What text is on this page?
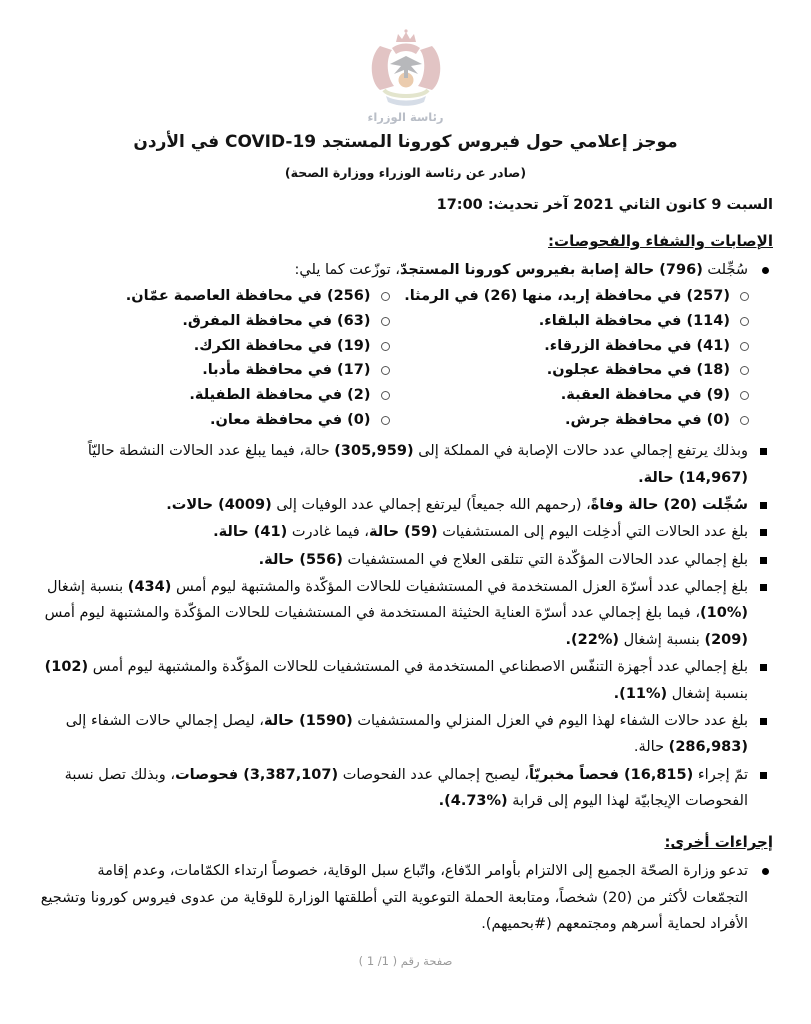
رئاسة الوزراء
موجز إعلامي حول فيروس كورونا المستجد COVID-19 في الأردن
(صادر عن رئاسة الوزراء ووزارة الصحة)
السبت 9 كانون الثاني 2021 آخر تحديث: 17:00
الإصابات والشفاء والفحوصات:
سُجِّلت (796) حالة إصابة بفيروس كورونا المستجدّ، توزّعت كما يلي:
(257) في محافظة إربد، منها (26) في الرمثا.
(256) في محافظة العاصمة عمّان.
(114) في محافظة البلقاء.
(63) في محافظة المفرق.
(41) في محافظة الزرقاء.
(19) في محافظة الكرك.
(18) في محافظة عجلون.
(17) في محافظة مأدبا.
(9) في محافظة العقبة.
(2) في محافظة الطفيلة.
(0) في محافظة جرش.
(0) في محافظة معان.
وبذلك يرتفع إجمالي عدد حالات الإصابة في المملكة إلى (305,959) حالة، فيما يبلغ عدد الحالات النشطة حاليّاً (14,967) حالة.
سُجِّلت (20) حالة وفاةً، (رحمهم الله جميعاً) ليرتفع إجمالي عدد الوفيات إلى (4009) حالات.
بلغ عدد الحالات التي أدخِلت اليوم إلى المستشفيات (59) حالة، فيما غادرت (41) حالة.
بلغ إجمالي عدد الحالات المؤكّدة التي تتلقى العلاج في المستشفيات (556) حالة.
بلغ إجمالي عدد أسرّة العزل المستخدمة في المستشفيات للحالات المؤكّدة والمشتبهة ليوم أمس (434) بنسبة إشغال (%10)، فيما بلغ إجمالي عدد أسرّة العناية الحثيثة المستخدمة في المستشفيات للحالات المؤكّدة والمشتبهة ليوم أمس (209) بنسبة إشغال (%22).
بلغ إجمالي عدد أجهزة التنفّس الاصطناعي المستخدمة في المستشفيات للحالات المؤكّدة والمشتبهة ليوم أمس (102) بنسبة إشغال (%11).
بلغ عدد حالات الشفاء لهذا اليوم في العزل المنزلي والمستشفيات (1590) حالة، ليصل إجمالي حالات الشفاء إلى (286,983) حالة.
تمّ إجراء (16,815) فحصاً مخبريّاً، ليصبح إجمالي عدد الفحوصات (3,387,107) فحوصات، وبذلك تصل نسبة الفحوصات الإيجابيّة لهذا اليوم إلى قرابة (%4.73).
إجراءات أخرى:
تدعو وزارة الصحّة الجميع إلى الالتزام بأوامر الدّفاع، واتّباع سبل الوقاية، خصوصاً ارتداء الكمّامات، وعدم إقامة التجمّعات لأكثر من (20) شخصاً، ومتابعة الحملة التوعوية التي أطلقتها الوزارة للوقاية من عدوى فيروس كورونا وتشجيع الأفراد لحماية أسرهم ومجتمعهم (#بحميهم).
صفحة رقم ( 1/ 1 )
